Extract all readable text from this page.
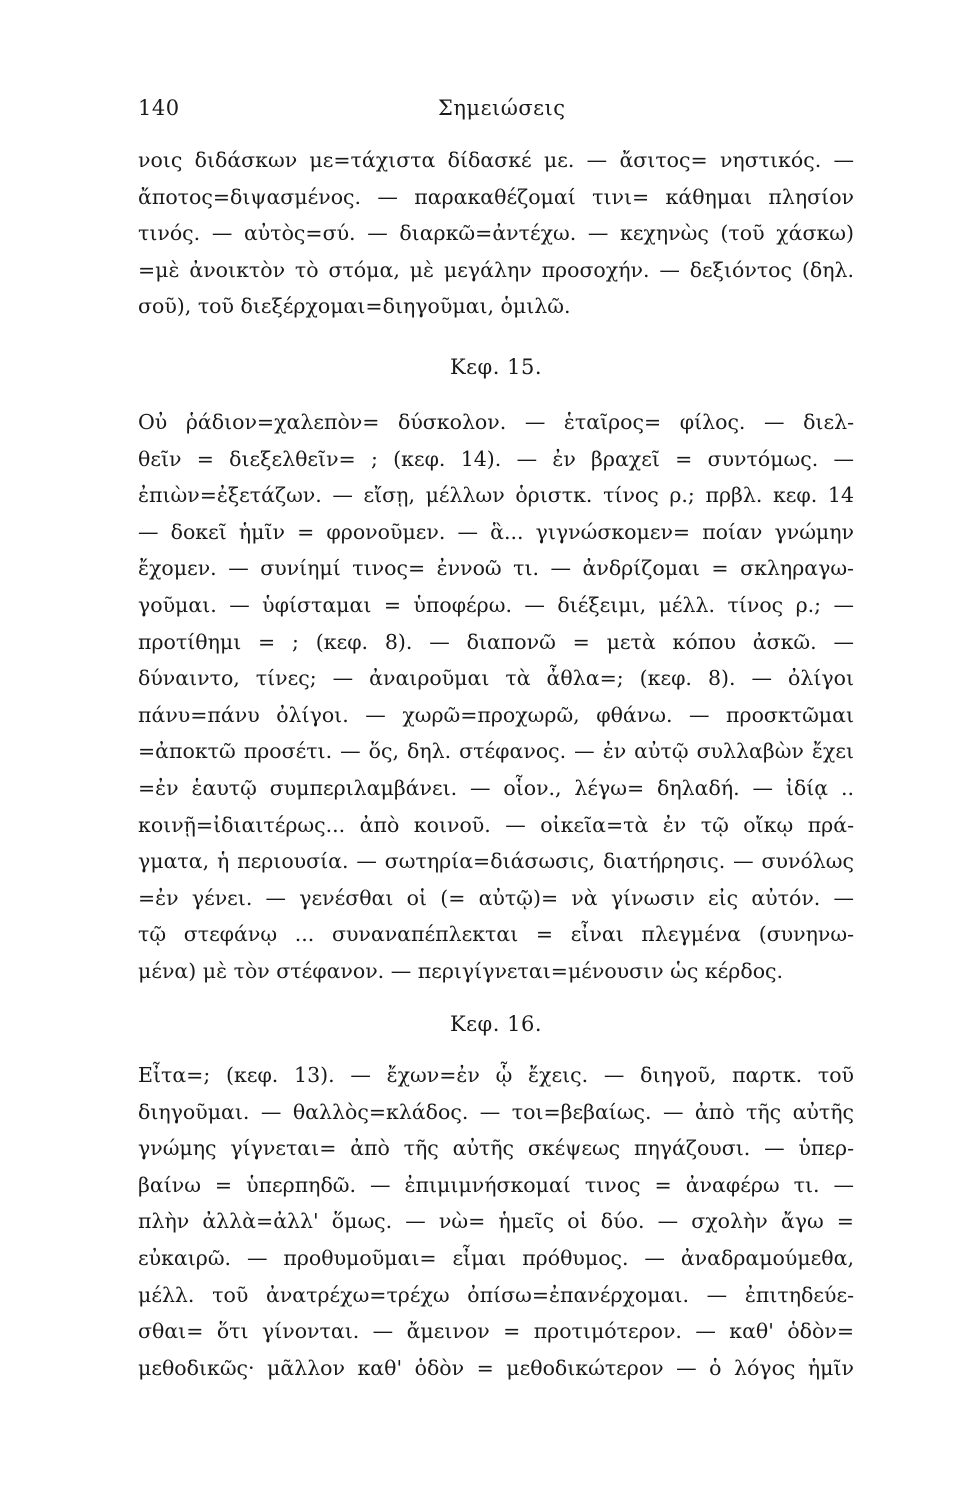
140	Σημειώσεις
νοις διδάσκων με=τάχιστα δίδασκέ με. — ἄσιτος= νηστικός. —
ἄποτος=διψασμένος. — παρακαθέζομαί τινι= κάθημαι πλησίον
τινός. — αὐτὸς=σύ. — διαρκῶ=ἀντέχω. — κεχηνὼς (τοῦ χάσκω)
=μὲ ἀνοικτὸν τὸ στόμα, μὲ μεγάλην προσοχήν. — δεξιόντος (δηλ.
σοῦ), τοῦ διεξέρχομαι=διηγοῦμαι, ὁμιλῶ.
Κεφ. 15.
Οὐ ῥάδιον=χαλεπὸν= δύσκολον. — ἑταῖρος= φίλος. — διελ-
θεῖν = διεξελθεῖν= ; (κεφ. 14). — ἐν βραχεῖ = συντόμως. —
ἐπιὼν=ἐξετάζων. — εἴσῃ, μέλλων ὁριστκ. τίνος ρ.; πρβλ. κεφ. 14
— δοκεῖ ἡμῖν = φρονοῦμεν. — ἃ... γιγνώσκομεν= ποίαν γνώμην
ἔχομεν. — συνίημί τινος= ἐννοῶ τι. — ἀνδρίζομαι = σκληραγω-
γοῦμαι. — ὑφίσταμαι = ὑποφέρω. — διέξειμι, μέλλ. τίνος ρ.; —
προτίθημι = ; (κεφ. 8). — διαπονῶ = μετὰ κόπου ἀσκῶ. —
δύναιντο, τίνες; — ἀναιροῦμαι τὰ ἆθλα=; (κεφ. 8). — ὀλίγοι
πάνυ=πάνυ ὀλίγοι. — χωρῶ=προχωρῶ, φθάνω. — προσκτῶμαι
=ἀποκτῶ προσέτι. — ὅς, δηλ. στέφανος. — ἐν αὐτῷ συλλαβὼν ἔχει
=ἐν ἑαυτῷ συμπεριλαμβάνει. — οἷον., λέγω= δηλαδή. — ἰδίᾳ ..
κοινῇ=ἰδιαιτέρως... ἀπὸ κοινοῦ. — οἰκεῖα=τὰ ἐν τῷ οἴκῳ πρά-
γματα, ἡ περιουσία. — σωτηρία=διάσωσις, διατήρησις. — συνόλως
=ἐν γένει. — γενέσθαι οἱ (= αὐτῷ)= νὰ γίνωσιν εἰς αὐτόν. —
τῷ στεφάνῳ ... συναναπέπλεκται = εἶναι πλεγμένα (συνηνω-
μένα) μὲ τὸν στέφανον. — περιγίγνεται=μένουσιν ὡς κέρδος.
Κεφ. 16.
Εἶτα=; (κεφ. 13). — ἔχων=ἐν ᾧ ἔχεις. — διηγοῦ, παρτκ. τοῦ
διηγοῦμαι. — θαλλὸς=κλάδος. — τοι=βεβαίως. — ἀπὸ τῆς αὐτῆς
γνώμης γίγνεται= ἀπὸ τῆς αὐτῆς σκέψεως πηγάζουσι. — ὑπερ-
βαίνω = ὑπερπηδῶ. — ἐπιμιμνήσκομαί τινος = ἀναφέρω τι. —
πλὴν ἀλλὰ=ἀλλ' ὅμως. — νὼ= ἡμεῖς οἱ δύο. — σχολὴν ἄγω =
εὐκαιρῶ. — προθυμοῦμαι= εἶμαι πρόθυμος. — ἀναδραμούμεθα,
μέλλ. τοῦ ἀνατρέχω=τρέχω ὀπίσω=ἐπανέρχομαι. — ἐπιτηδεύε-
σθαι= ὅτι γίνονται. — ἄμεινον = προτιμότερον. — καθ' ὁδὸν=
μεθοδικῶς· μᾶλλον καθ' ὁδὸν = μεθοδικώτερον — ὁ λόγος ἡμῖν
